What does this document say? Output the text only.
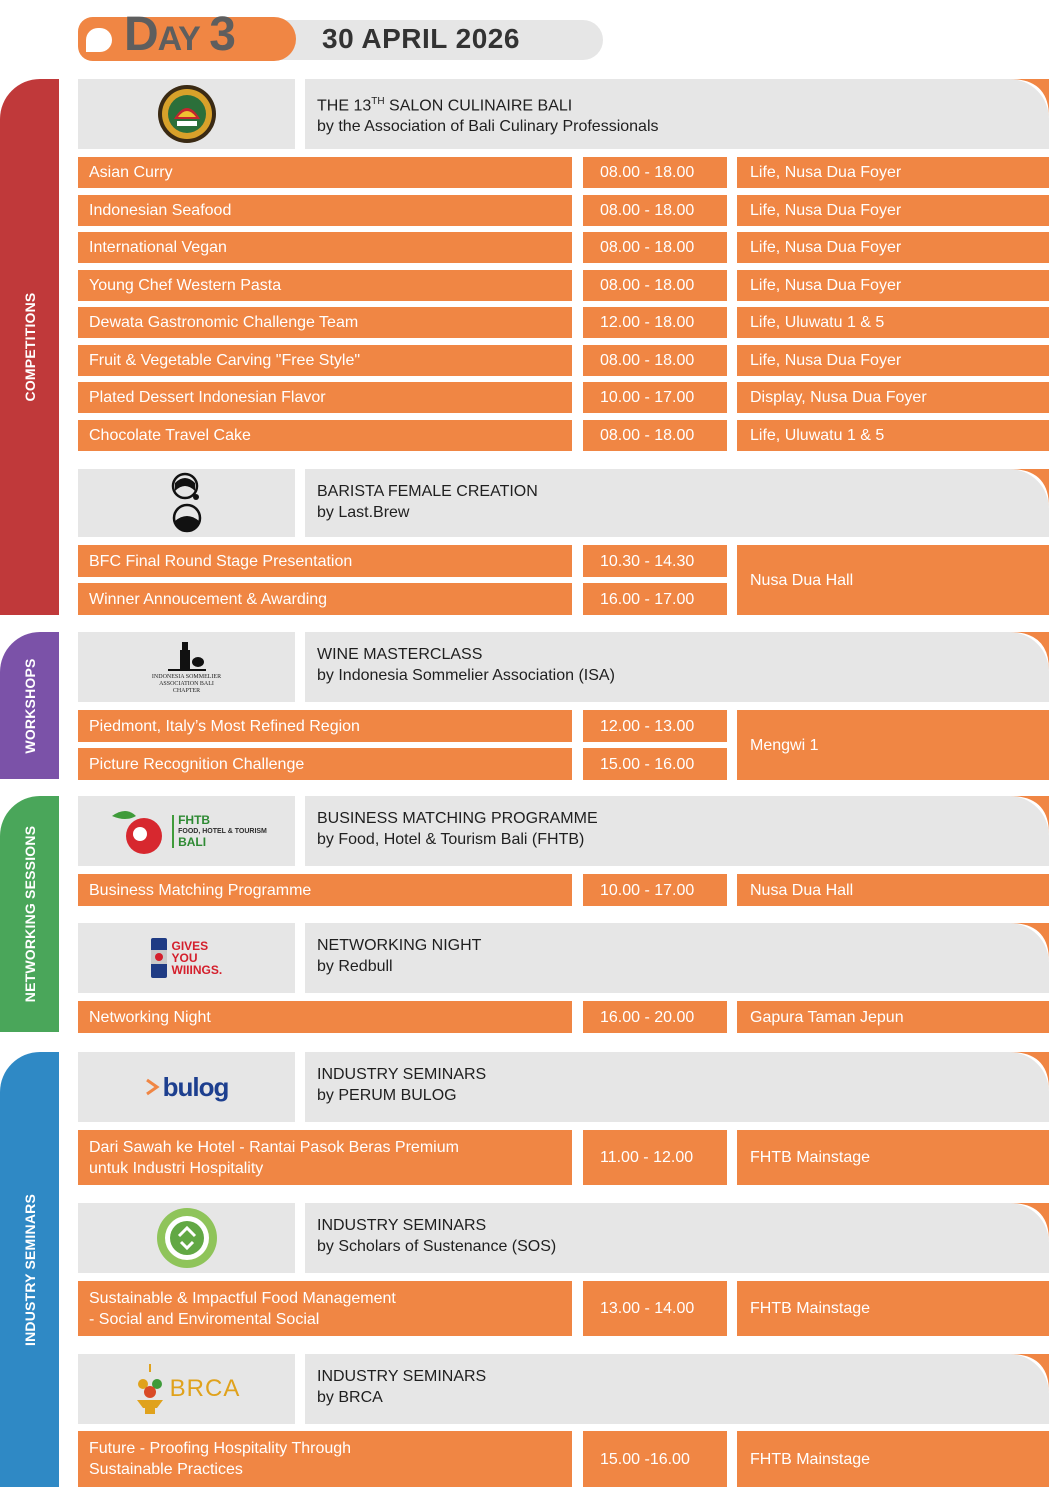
DAY 3	30 APRIL 2026
COMPETITIONS
WORKSHOPS
NETWORKING SESSIONS
INDUSTRY SEMINARS
THE 13TH SALON CULINAIRE BALI
by the Association of Bali Culinary Professionals
Asian Curry	08.00 - 18.00	Life, Nusa Dua Foyer
Indonesian Seafood	08.00 - 18.00	Life, Nusa Dua Foyer
International Vegan	08.00 - 18.00	Life, Nusa Dua Foyer
Young Chef Western Pasta	08.00 - 18.00	Life, Nusa Dua Foyer
Dewata Gastronomic Challenge Team	12.00 - 18.00	Life, Uluwatu 1 & 5
Fruit & Vegetable Carving "Free Style"	08.00 - 18.00	Life, Nusa Dua Foyer
Plated Dessert Indonesian Flavor	10.00 - 17.00	Display, Nusa Dua Foyer
Chocolate Travel Cake	08.00 - 18.00	Life, Uluwatu 1 & 5
BARISTA FEMALE CREATION
by Last.Brew
BFC Final Round Stage Presentation	10.30 - 14.30
Winner Annoucement & Awarding	16.00 - 17.00
Nusa Dua Hall
INDONESIA SOMMELIER ASSOCIATION BALI CHAPTER
WINE MASTERCLASS
by Indonesia Sommelier Association (ISA)
Piedmont, Italy’s Most Refined Region	12.00 - 13.00
Picture Recognition Challenge	15.00 - 16.00
Mengwi 1
FHTB
FOOD, HOTEL & TOURISM
BALI
BUSINESS MATCHING PROGRAMME
by Food, Hotel & Tourism Bali (FHTB)
Business Matching Programme	10.00 - 17.00	Nusa Dua Hall
GIVES YOU WIIINGS.
NETWORKING NIGHT
by Redbull
Networking Night	16.00 - 20.00	Gapura Taman Jepun
bulog	INDUSTRY SEMINARS
by PERUM BULOG
Dari Sawah ke Hotel - Rantai Pasok Beras Premium
untuk Industri Hospitality
11.00 - 12.00	FHTB Mainstage
INDUSTRY SEMINARS
by Scholars of Sustenance (SOS)
Sustainable & Impactful Food Management
- Social and Enviromental Social
13.00 - 14.00	FHTB Mainstage
BRCA	INDUSTRY SEMINARS
by BRCA
Future - Proofing Hospitality Through
Sustainable Practices
15.00 -16.00	FHTB Mainstage
